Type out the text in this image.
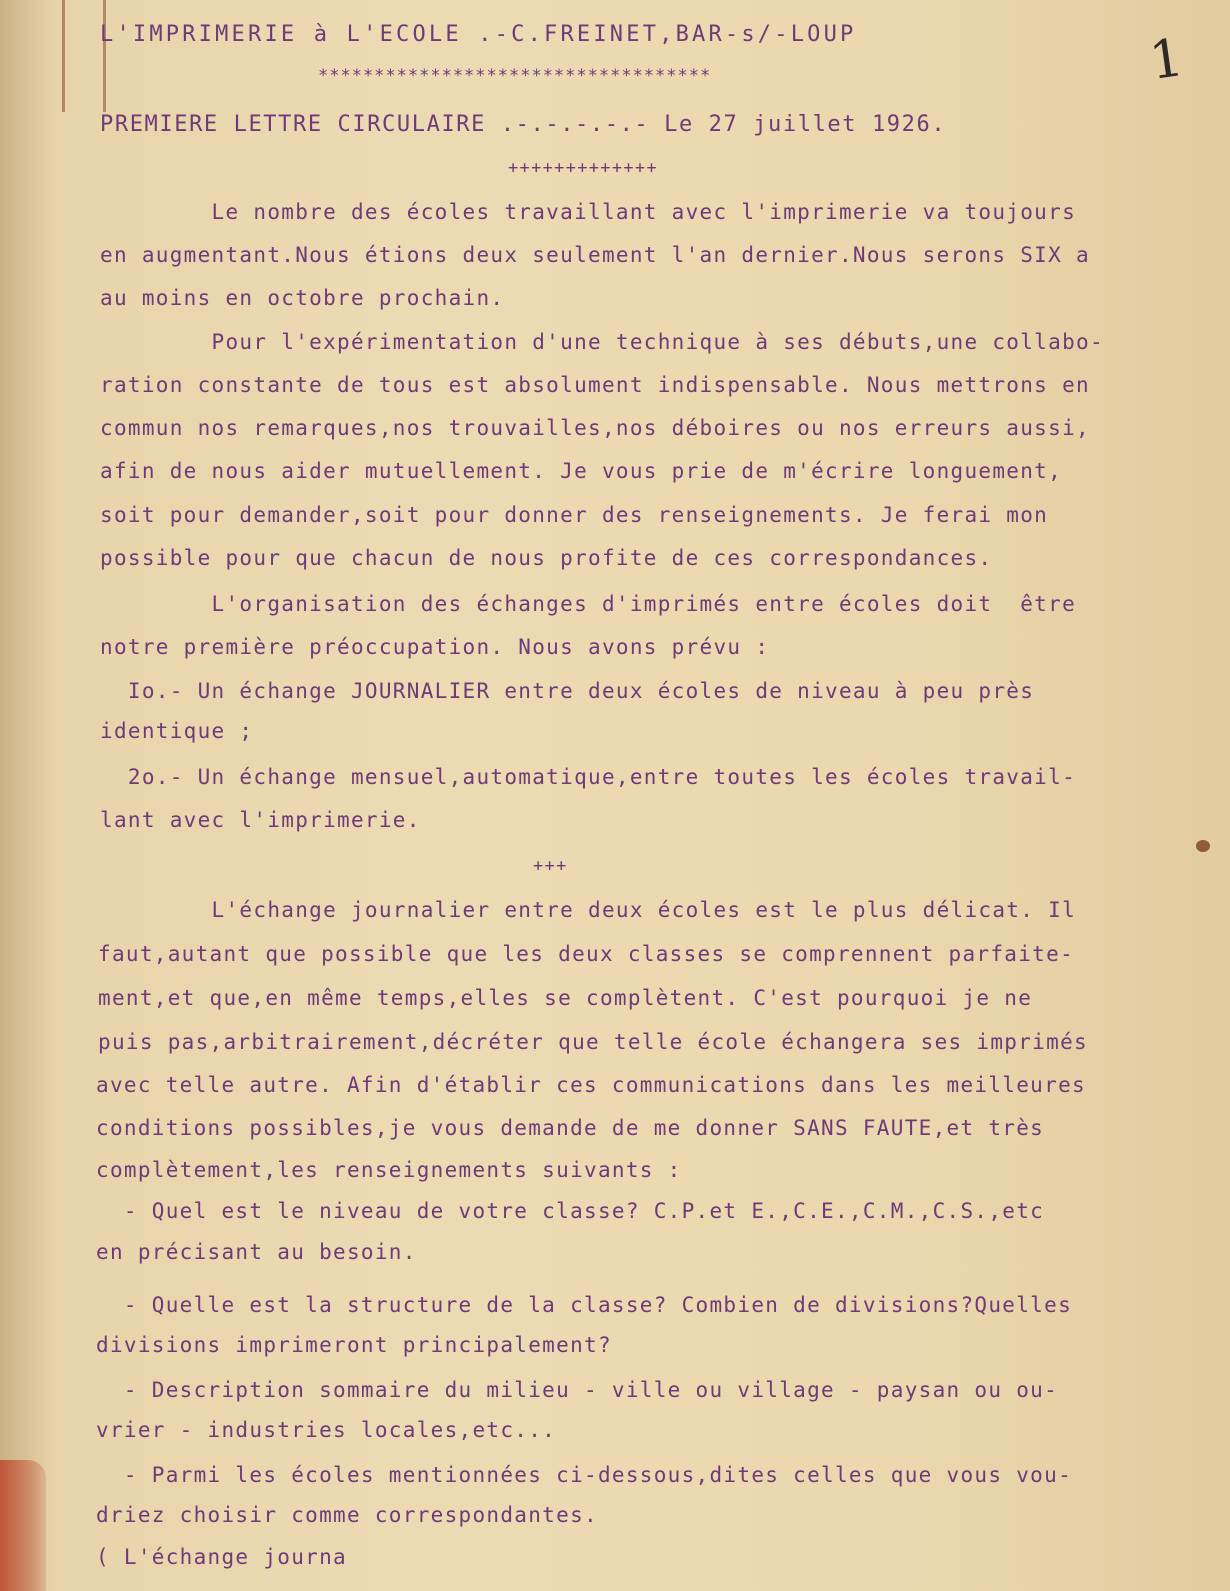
L'IMPRIMERIE à L'ECOLE .-C.FREINET,BAR-s/-LOUP	1
***********************************
PREMIERE LETTRE CIRCULAIRE .-.-.-.-.- Le 27 juillet 1926.
+++++++++++++
+++
Le nombre des écoles travaillant avec l'imprimerie va toujours
en augmentant.Nous étions deux seulement l'an dernier.Nous serons SIX a
au moins en octobre prochain.
Pour l'expérimentation d'une technique à ses débuts,une collabo-
ration constante de tous est absolument indispensable. Nous mettrons en
commun nos remarques,nos trouvailles,nos déboires ou nos erreurs aussi,
afin de nous aider mutuellement. Je vous prie de m'écrire longuement,
soit pour demander,soit pour donner des renseignements. Je ferai mon
possible pour que chacun de nous profite de ces correspondances.
L'organisation des échanges d'imprimés entre écoles doit  être
notre première préoccupation. Nous avons prévu :
Io.- Un échange JOURNALIER entre deux écoles de niveau à peu près
identique ;
2o.- Un échange mensuel,automatique,entre toutes les écoles travail-
lant avec l'imprimerie.
L'échange journalier entre deux écoles est le plus délicat. Il
faut,autant que possible que les deux classes se comprennent parfaite-
ment,et que,en même temps,elles se complètent. C'est pourquoi je ne
puis pas,arbitrairement,décréter que telle école échangera ses imprimés
avec telle autre. Afin d'établir ces communications dans les meilleures
conditions possibles,je vous demande de me donner SANS FAUTE,et très
complètement,les renseignements suivants :
- Quel est le niveau de votre classe? C.P.et E.,C.E.,C.M.,C.S.,etc
en précisant au besoin.
- Quelle est la structure de la classe? Combien de divisions?Quelles
divisions imprimeront principalement?
- Description sommaire du milieu - ville ou village - paysan ou ou-
vrier - industries locales,etc...
- Parmi les écoles mentionnées ci-dessous,dites celles que vous vou-
driez choisir comme correspondantes.
( L'échange journa
